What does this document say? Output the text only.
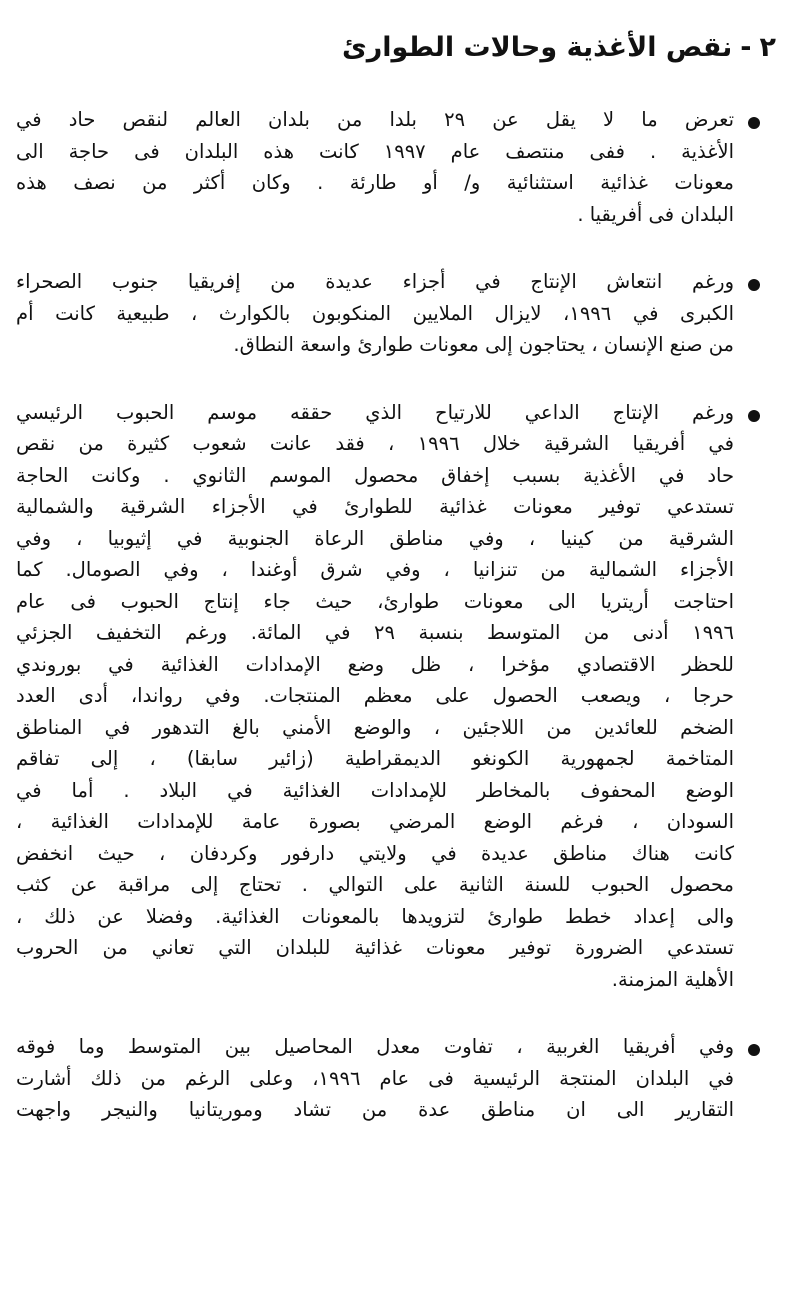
٢-نقص الأغذية وحالات الطوارئ
تعرض ما لا يقل عن ٢٩ بلدا من بلدان العالم لنقص حاد في
الأغذية . ففى منتصف عام ١٩٩٧ كانت هذه البلدان فى حاجة الى
معونات غذائية استثنائية و/ أو طارئة . وكان أكثر من نصف هذه
البلدان فى أفريقيا .
ورغم انتعاش الإنتاج في أجزاء عديدة من إفريقيا جنوب الصحراء
الكبرى في ١٩٩٦، لايزال الملايين المنكوبون بالكوارث ، طبيعية كانت أم
من صنع الإنسان ، يحتاجون إلى معونات طوارئ واسعة النطاق.
ورغم الإنتاج الداعي للارتياح الذي حققه موسم الحبوب الرئيسي
في أفريقيا الشرقية خلال ١٩٩٦ ، فقد عانت شعوب كثيرة من نقص
حاد في الأغذية بسبب إخفاق محصول الموسم الثانوي . وكانت الحاجة
تستدعي توفير معونات غذائية للطوارئ في الأجزاء الشرقية والشمالية
الشرقية من كينيا ، وفي مناطق الرعاة الجنوبية في إثيوبيا ، وفي
الأجزاء الشمالية من تنزانيا ، وفي شرق أوغندا ، وفي الصومال. كما
احتاجت أريتريا الى معونات طوارئ، حيث جاء إنتاج الحبوب فى عام
١٩٩٦ أدنى من المتوسط بنسبة ٢٩ في المائة. ورغم التخفيف الجزئي
للحظر الاقتصادي مؤخرا ، ظل وضع الإمدادات الغذائية في بوروندي
حرجا ، ويصعب الحصول على معظم المنتجات. وفي رواندا، أدى العدد
الضخم للعائدين من اللاجئين ، والوضع الأمني بالغ التدهور في المناطق
المتاخمة لجمهورية الكونغو الديمقراطية (زائير سابقا) ، إلى تفاقم
الوضع المحفوف بالمخاطر للإمدادات الغذائية في البلاد . أما في
السودان ، فرغم الوضع المرضي بصورة عامة للإمدادات الغذائية ،
كانت هناك مناطق عديدة في ولايتي دارفور وكردفان ، حيث انخفض
محصول الحبوب للسنة الثانية على التوالي . تحتاج إلى مراقبة عن كثب
والى إعداد خطط طوارئ لتزويدها بالمعونات الغذائية. وفضلا عن ذلك ،
تستدعي الضرورة توفير معونات غذائية للبلدان التي تعاني من الحروب
الأهلية المزمنة.
وفي أفريقيا الغربية ، تفاوت معدل المحاصيل بين المتوسط وما فوقه
في البلدان المنتجة الرئيسية فى عام ١٩٩٦، وعلى الرغم من ذلك أشارت
التقارير الى ان مناطق عدة من تشاد وموريتانيا والنيجر واجهت
